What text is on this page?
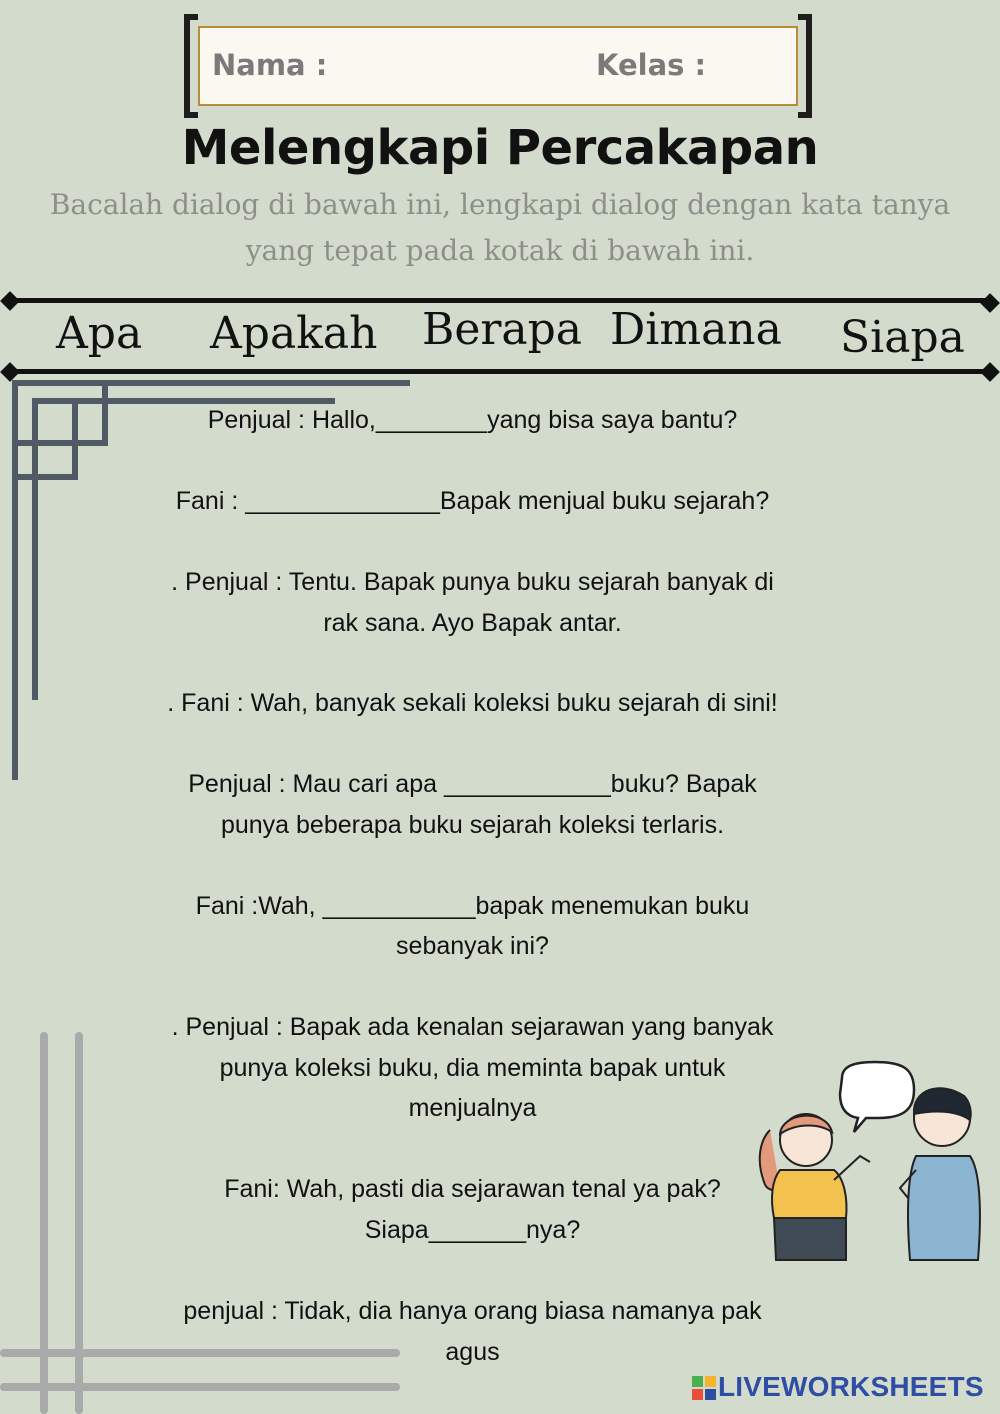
Nama :	Kelas :
Melengkapi Percakapan
Bacalah dialog di bawah ini, lengkapi dialog dengan kata tanya yang tepat pada kotak di bawah ini.
Apa Apakah Berapa Dimana Siapa
Penjual : Hallo,________yang bisa saya bantu?
Fani : ______________Bapak menjual buku sejarah?
. Penjual : Tentu. Bapak punya buku sejarah banyak di
rak sana. Ayo Bapak antar.
. Fani : Wah, banyak sekali koleksi buku sejarah di sini!
Penjual : Mau cari apa ____________buku? Bapak
punya beberapa buku sejarah koleksi terlaris.
Fani :Wah, ___________bapak menemukan buku
sebanyak ini?
. Penjual : Bapak ada kenalan sejarawan yang banyak
punya koleksi buku, dia meminta bapak untuk
menjualnya
Fani: Wah, pasti dia sejarawan tenal ya pak?
Siapa_______nya?
penjual : Tidak, dia hanya orang biasa namanya pak
agus
LIVEWORKSHEETS
